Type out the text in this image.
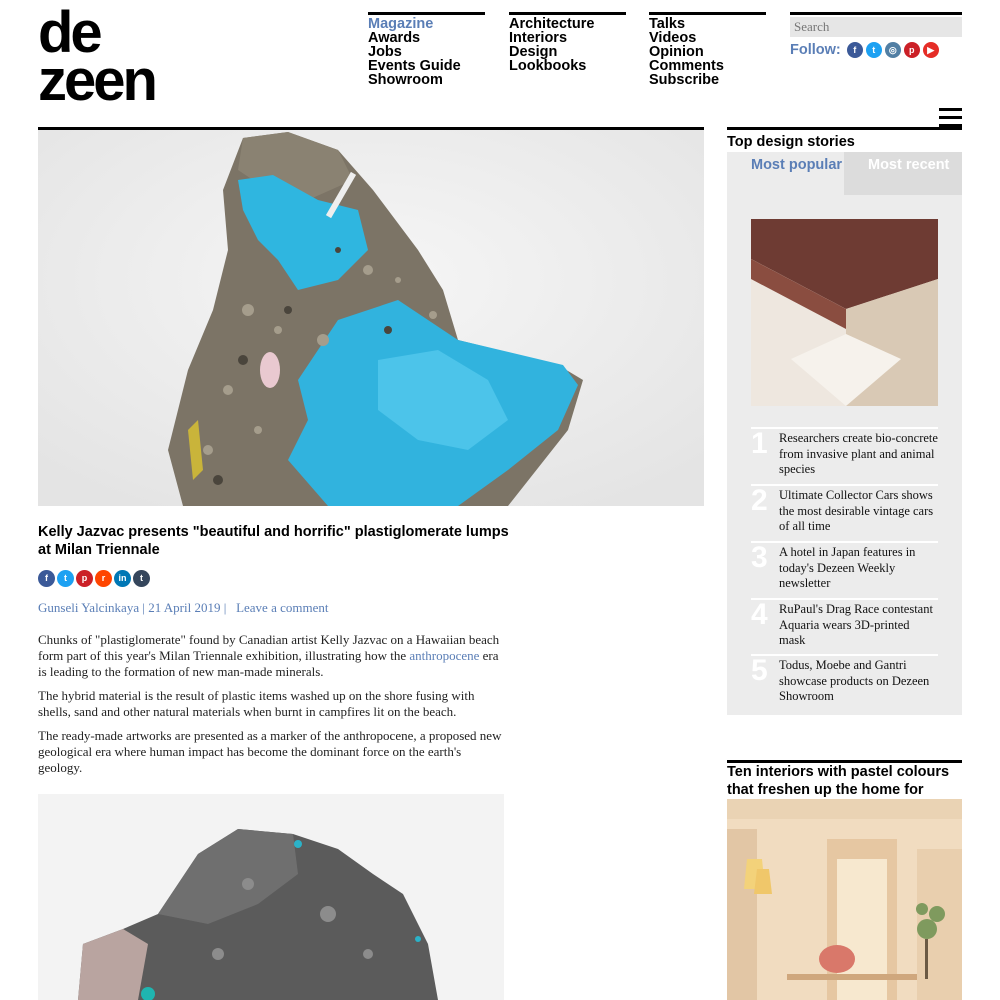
de
zeen
Magazine
Awards
Jobs
Events Guide
Showroom
Architecture
Interiors
Design
Lookbooks
Talks
Videos
Opinion
Comments
Subscribe
Search
Follow:	f	t	◎	p	▶
Kelly Jazvac presents "beautiful and horrific" plastiglomerate lumps at Milan Triennale
f	t	p	r	in	t
Gunseli Yalcinkaya | 21 April 2019 |   Leave a comment

Chunks of "plastiglomerate" found by Canadian artist Kelly Jazvac on a Hawaiian beach form part of this year's Milan Triennale exhibition, illustrating how the anthropocene era is leading to the formation of new man-made minerals.

The hybrid material is the result of plastic items washed up on the shore fusing with shells, sand and other natural materials when burnt in campfires lit on the beach.

The ready-made artworks are presented as a marker of the anthropocene, a proposed new geological era where human impact has become the dominant force on the earth's geology.

Top design stories
Most popular	Most recent
1 Researchers create bio-concrete from invasive plant and animal species
2 Ultimate Collector Cars shows the most desirable vintage cars of all time
3 A hotel in Japan features in today's Dezeen Weekly newsletter
4 RuPaul's Drag Race contestant Aquaria wears 3D-printed mask
5 Todus, Moebe and Gantri showcase products on Dezeen Showroom
Ten interiors with pastel colours that freshen up the home for
